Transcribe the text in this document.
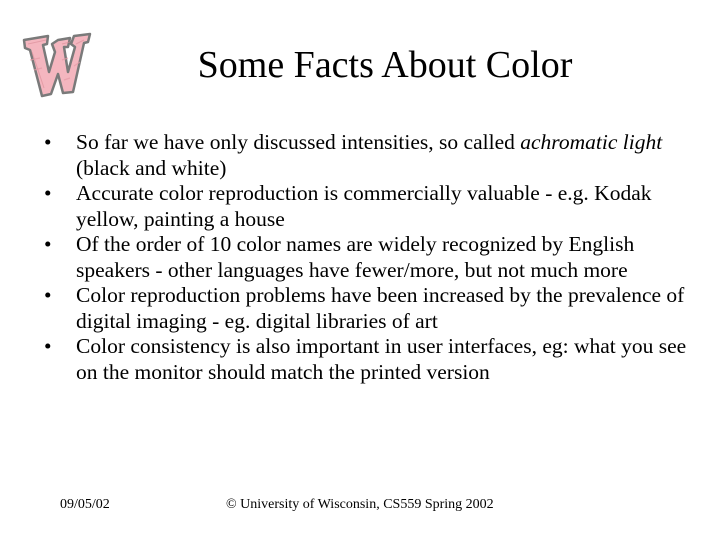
Some Facts About Color
• So far we have only discussed intensities, so called achromatic light (black and white)
• Accurate color reproduction is commercially valuable - e.g. Kodak yellow, painting a house
• Of the order of 10 color names are widely recognized by English speakers - other languages have fewer/more, but not much more
• Color reproduction problems have been increased by the prevalence of digital imaging - eg. digital libraries of art
• Color consistency is also important in user interfaces, eg: what you see on the monitor should match the printed version
09/05/02	© University of Wisconsin, CS559 Spring 2002
